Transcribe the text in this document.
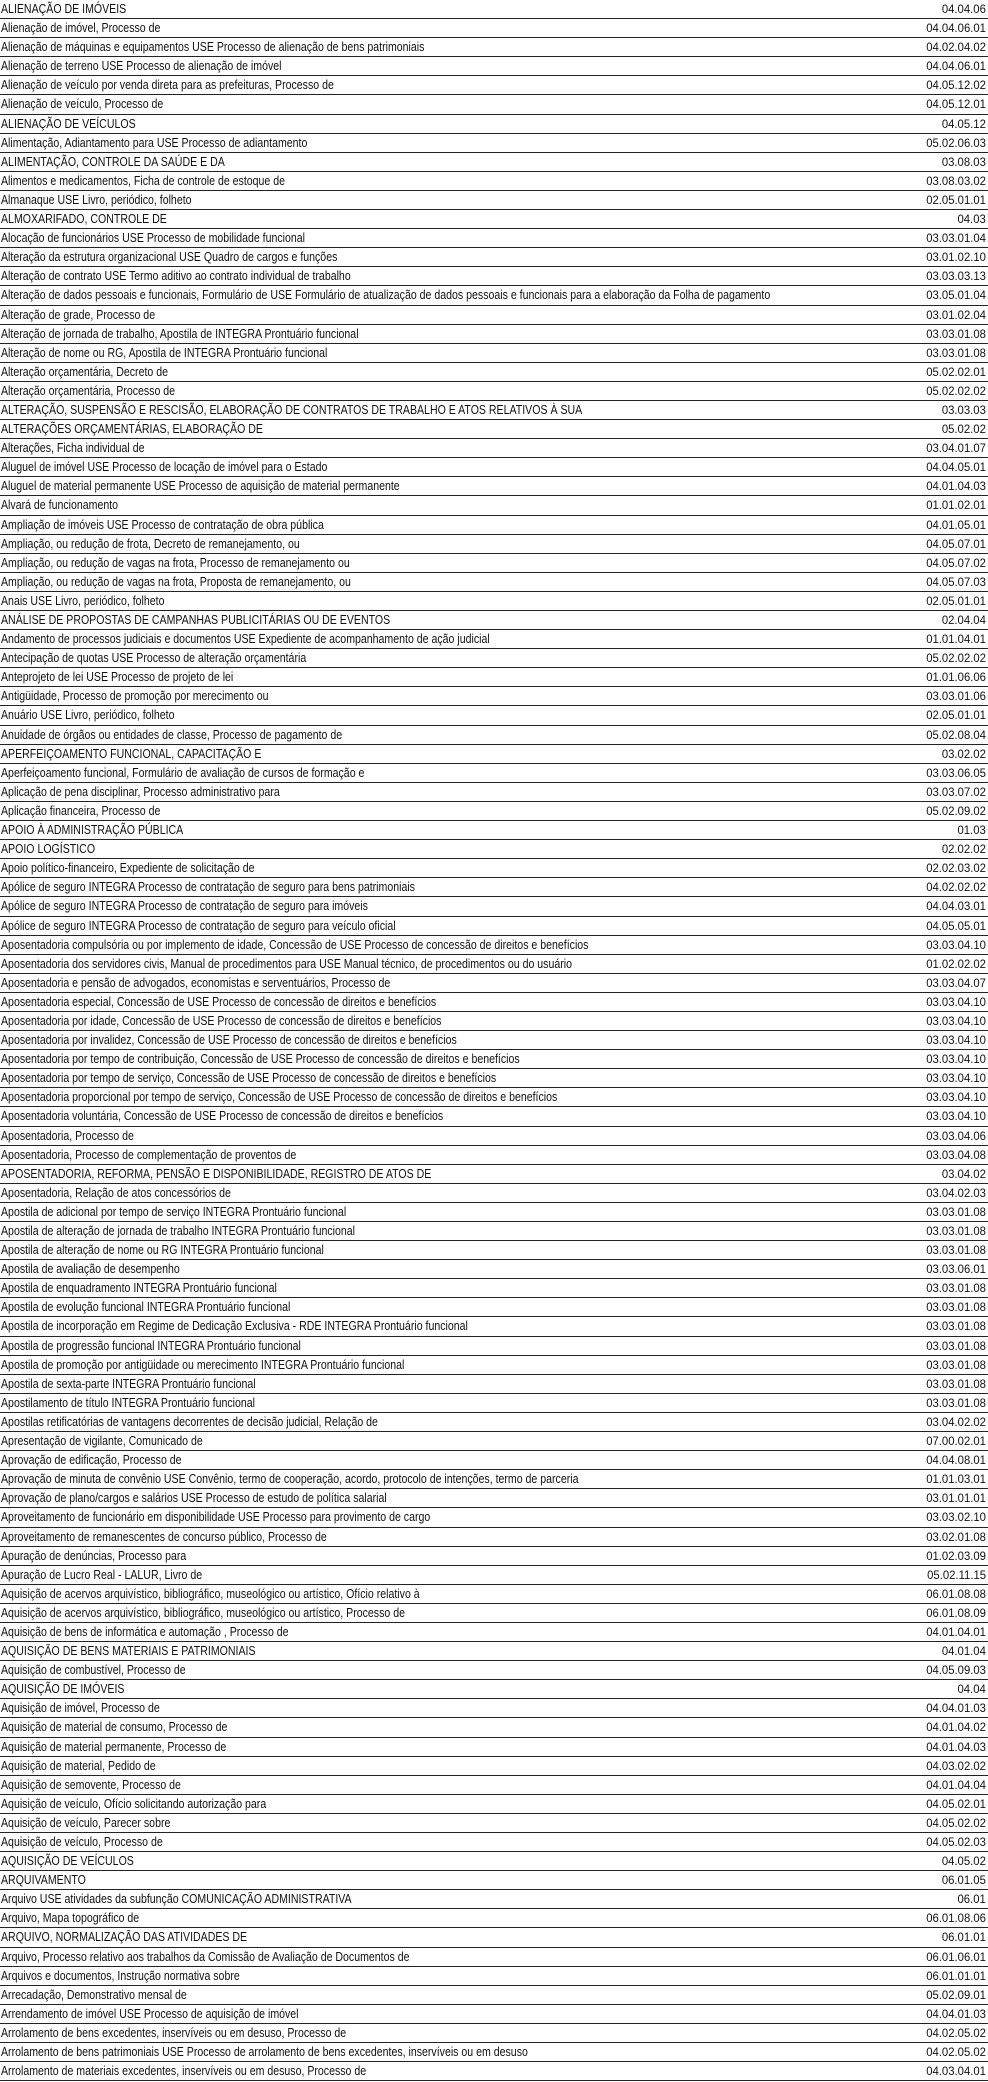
ALIENAÇÃO DE IMÓVEIS	04.04.06
Alienação de imóvel, Processo de	04.04.06.01
Alienação de máquinas e equipamentos USE Processo de alienação de bens patrimoniais	04.02.04.02
Alienação de terreno USE Processo de alienação de imóvel	04.04.06.01
Alienação de veículo por venda direta para as prefeituras, Processo de	04.05.12.02
Alienação de veículo, Processo de	04.05.12.01
ALIENAÇÃO DE VEÍCULOS	04.05.12
Alimentação, Adiantamento para USE Processo de adiantamento	05.02.06.03
ALIMENTAÇÃO, CONTROLE DA SAÚDE E DA	03.08.03
Alimentos e medicamentos, Ficha de controle de estoque de	03.08.03.02
Almanaque USE Livro, periódico, folheto	02.05.01.01
ALMOXARIFADO, CONTROLE DE	04.03
Alocação de funcionários USE Processo de mobilidade funcional	03.03.01.04
Alteração da estrutura organizacional USE Quadro de cargos e funções	03.01.02.10
Alteração de contrato USE Termo aditivo ao contrato individual de trabalho	03.03.03.13
Alteração de dados pessoais e funcionais, Formulário de USE Formulário de atualização de dados pessoais e funcionais para a elaboração da Folha de pagamento	03.05.01.04
Alteração de grade, Processo de	03.01.02.04
Alteração de jornada de trabalho, Apostila de INTEGRA Prontuário funcional	03.03.01.08
Alteração de nome ou RG, Apostila de INTEGRA Prontuário funcional	03.03.01.08
Alteração orçamentária, Decreto de	05.02.02.01
Alteração orçamentária, Processo de	05.02.02.02
ALTERAÇÃO, SUSPENSÃO E RESCISÃO, ELABORAÇÃO DE CONTRATOS DE TRABALHO E ATOS RELATIVOS À SUA	03.03.03
ALTERAÇÕES ORÇAMENTÁRIAS, ELABORAÇÃO DE	05.02.02
Alterações, Ficha individual de	03.04.01.07
Aluguel de imóvel USE Processo de locação de imóvel para o Estado	04.04.05.01
Aluguel de material permanente USE Processo de aquisição de material permanente	04.01.04.03
Alvará de funcionamento	01.01.02.01
Ampliação de imóveis USE Processo de contratação de obra pública	04.01.05.01
Ampliação, ou redução de frota, Decreto de remanejamento, ou	04.05.07.01
Ampliação, ou redução de vagas na frota, Processo de remanejamento ou	04.05.07.02
Ampliação, ou redução de vagas na frota, Proposta de remanejamento, ou	04.05.07.03
Anais USE Livro, periódico, folheto	02.05.01.01
ANÁLISE DE PROPOSTAS DE CAMPANHAS PUBLICITÁRIAS OU DE EVENTOS	02.04.04
Andamento de processos judiciais e documentos USE Expediente de acompanhamento de ação judicial	01.01.04.01
Antecipação de quotas USE Processo de alteração orçamentária	05.02.02.02
Anteprojeto de lei USE Processo de projeto de lei	01.01.06.06
Antigüidade, Processo de promoção por merecimento ou	03.03.01.06
Anuário USE Livro, periódico, folheto	02.05.01.01
Anuidade de órgãos ou entidades de classe, Processo de pagamento de	05.02.08.04
APERFEIÇOAMENTO FUNCIONAL, CAPACITAÇÃO E	03.02.02
Aperfeiçoamento funcional, Formulário de avaliação de cursos de formação e	03.03.06.05
Aplicação de pena disciplinar, Processo administrativo para	03.03.07.02
Aplicação financeira, Processo de	05.02.09.02
APOIO À ADMINISTRAÇÃO PÚBLICA	01.03
APOIO LOGÍSTICO	02.02.02
Apoio político-financeiro, Expediente de solicitação de	02.02.03.02
Apólice de seguro INTEGRA Processo de contratação de seguro para bens patrimoniais	04.02.02.02
Apólice de seguro INTEGRA Processo de contratação de seguro para imóveis	04.04.03.01
Apólice de seguro INTEGRA Processo de contratação de seguro para veículo oficial	04.05.05.01
Aposentadoria compulsória ou por implemento de idade, Concessão de USE Processo de concessão de direitos e benefícios	03.03.04.10
Aposentadoria dos servidores civis, Manual de procedimentos para USE Manual técnico, de procedimentos ou do usuário	01.02.02.02
Aposentadoria e pensão de advogados, economistas e serventuários, Processo de	03.03.04.07
Aposentadoria especial, Concessão de USE Processo de concessão de direitos e benefícios	03.03.04.10
Aposentadoria por idade, Concessão de USE Processo de concessão de direitos e benefícios	03.03.04.10
Aposentadoria por invalidez, Concessão de USE Processo de concessão de direitos e benefícios	03.03.04.10
Aposentadoria por tempo de contribuição, Concessão de USE Processo de concessão de direitos e benefícios	03.03.04.10
Aposentadoria por tempo de serviço, Concessão de USE Processo de concessão de direitos e benefícios	03.03.04.10
Aposentadoria proporcional por tempo de serviço, Concessão de USE Processo de concessão de direitos e benefícios	03.03.04.10
Aposentadoria voluntária, Concessão de USE Processo de concessão de direitos e benefícios	03.03.04.10
Aposentadoria, Processo de	03.03.04.06
Aposentadoria, Processo de complementação de proventos de	03.03.04.08
APOSENTADORIA, REFORMA, PENSÃO E DISPONIBILIDADE, REGISTRO DE ATOS DE	03.04.02
Aposentadoria, Relação de atos concessórios de	03.04.02.03
Apostila de adicional por tempo de serviço INTEGRA Prontuário funcional	03.03.01.08
Apostila de alteração de jornada de trabalho INTEGRA Prontuário funcional	03.03.01.08
Apostila de alteração de nome ou RG INTEGRA Prontuário funcional	03.03.01.08
Apostila de avaliação de desempenho	03.03.06.01
Apostila de enquadramento INTEGRA Prontuário funcional	03.03.01.08
Apostila de evolução funcional INTEGRA Prontuário funcional	03.03.01.08
Apostila de incorporação em Regime de Dedicação Exclusiva - RDE INTEGRA Prontuário funcional	03.03.01.08
Apostila de progressão funcional INTEGRA Prontuário funcional	03.03.01.08
Apostila de promoção por antigüidade ou merecimento INTEGRA Prontuário funcional	03.03.01.08
Apostila de sexta-parte INTEGRA Prontuário funcional	03.03.01.08
Apostilamento de título INTEGRA Prontuário funcional	03.03.01.08
Apostilas retificatórias de vantagens decorrentes de decisão judicial, Relação de	03.04.02.02
Apresentação de vigilante, Comunicado de	07.00.02.01
Aprovação de edificação, Processo de	04.04.08.01
Aprovação de minuta de convênio USE Convênio, termo de cooperação, acordo, protocolo de intenções, termo de parceria	01.01.03.01
Aprovação de plano/cargos e salários USE Processo de estudo de política salarial	03.01.01.01
Aproveitamento de funcionário em disponibilidade USE Processo para provimento de cargo	03.03.02.10
Aproveitamento de remanescentes de concurso público, Processo de	03.02.01.08
Apuração de denúncias, Processo para	01.02.03.09
Apuração de Lucro Real - LALUR, Livro de	05.02.11.15
Aquisição de acervos arquivístico, bibliográfico, museológico ou artístico, Ofício relativo à	06.01.08.08
Aquisição de acervos arquivístico, bibliográfico, museológico ou artístico, Processo de	06.01.08.09
Aquisição de bens de informática e automação , Processo de	04.01.04.01
AQUISIÇÃO DE BENS MATERIAIS E PATRIMONIAIS	04.01.04
Aquisição de combustível, Processo de	04.05.09.03
AQUISIÇÃO DE IMÓVEIS	04.04
Aquisição de imóvel, Processo de	04.04.01.03
Aquisição de material de consumo, Processo de	04.01.04.02
Aquisição de material permanente, Processo de	04.01.04.03
Aquisição de material, Pedido de	04.03.02.02
Aquisição de semovente, Processo de	04.01.04.04
Aquisição de veículo, Ofício solicitando autorização para	04.05.02.01
Aquisição de veículo, Parecer sobre	04.05.02.02
Aquisição de veículo, Processo de	04.05.02.03
AQUISIÇÃO DE VEÍCULOS	04.05.02
ARQUIVAMENTO	06.01.05
Arquivo USE atividades da subfunção COMUNICAÇÃO ADMINISTRATIVA	06.01
Arquivo, Mapa topográfico de	06.01.08.06
ARQUIVO, NORMALIZAÇÃO DAS ATIVIDADES DE	06.01.01
Arquivo, Processo relativo aos trabalhos da Comissão de Avaliação de Documentos de	06.01.06.01
Arquivos e documentos, Instrução normativa sobre	06.01.01.01
Arrecadação, Demonstrativo mensal de	05.02.09.01
Arrendamento de imóvel USE Processo de aquisição de imóvel	04.04.01.03
Arrolamento de bens excedentes, inservíveis ou em desuso, Processo de	04.02.05.02
Arrolamento de bens patrimoniais USE Processo de arrolamento de bens excedentes, inservíveis ou em desuso	04.02.05.02
Arrolamento de materiais excedentes, inservíveis ou em desuso, Processo de	04.03.04.01
